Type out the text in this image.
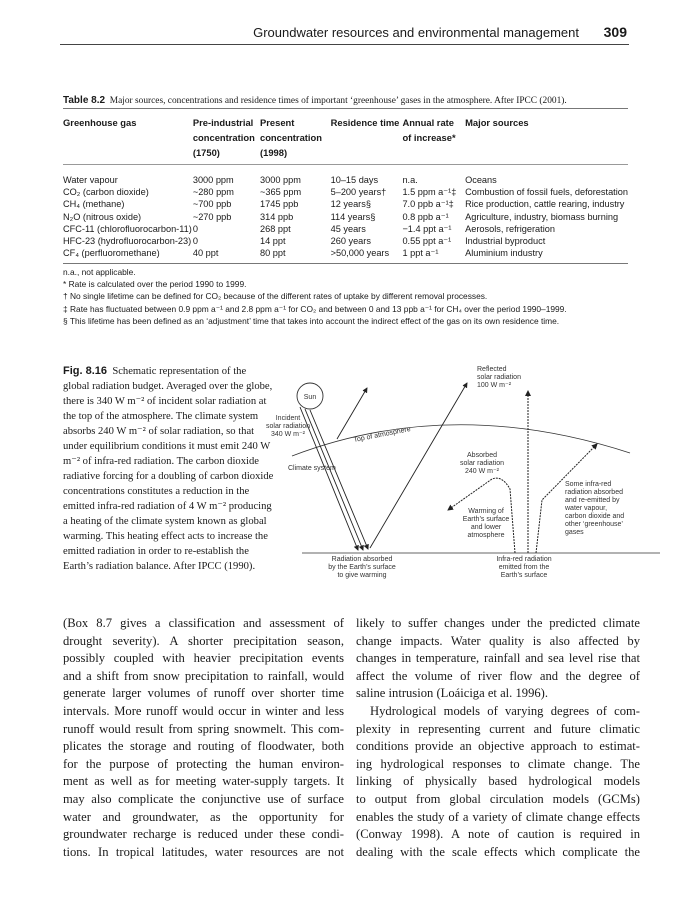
Groundwater resources and environmental management 309
Table 8.2 Major sources, concentrations and residence times of important ‘greenhouse’ gases in the atmosphere. After IPCC (2001).
Greenhouse gas	Pre-industrial concentration (1750)	Present concentration (1998)	Residence time	Annual rate of increase*	Major sources
Water vapour	3000 ppm	3000 ppm	10–15 days	n.a.	Oceans
CO₂ (carbon dioxide)	~280 ppm	~365 ppm	5–200 years†	1.5 ppm a⁻¹‡	Combustion of fossil fuels, deforestation
CH₄ (methane)	~700 ppb	1745 ppb	12 years§	7.0 ppb a⁻¹‡	Rice production, cattle rearing, industry
N₂O (nitrous oxide)	~270 ppb	314 ppb	114 years§	0.8 ppb a⁻¹	Agriculture, industry, biomass burning
CFC-11 (chlorofluorocarbon-11)	0	268 ppt	45 years	−1.4 ppt a⁻¹	Aerosols, refrigeration
HFC-23 (hydrofluorocarbon-23)	0	14 ppt	260 years	0.55 ppt a⁻¹	Industrial byproduct
CF₄ (perfluoromethane)	40 ppt	80 ppt	>50,000 years	1 ppt a⁻¹	Aluminium industry
n.a., not applicable.
* Rate is calculated over the period 1990 to 1999.
† No single lifetime can be defined for CO₂ because of the different rates of uptake by different removal processes.
‡ Rate has fluctuated between 0.9 ppm a⁻¹ and 2.8 ppm a⁻¹ for CO₂ and between 0 and 13 ppb a⁻¹ for CH₄ over the period 1990–1999.
§ This lifetime has been defined as an ‘adjustment’ time that takes into account the indirect effect of the gas on its own residence time.
Fig. 8.16 Schematic representation of the global radiation budget. Averaged over the globe, there is 340 W m⁻² of incident solar radiation at the top of the atmosphere. The climate system absorbs 240 W m⁻² of solar radiation, so that under equilibrium conditions it must emit 240 W m⁻² of infra-red radiation. The carbon dioxide radiative forcing for a doubling of carbon dioxide concentrations constitutes a reduction in the emitted infra-red radiation of 4 W m⁻² producing a heating of the climate system known as global warming. This heating effect acts to increase the emitted radiation in order to re-establish the Earth’s radiation balance. After IPCC (1990).
Sun
Incident solar radiation 340 W m⁻²	Top of atmosphere
Climate system
Reflected solar radiation 100 W m⁻²
Absorbed solar radiation 240 W m⁻²
Warming of Earth’s surface and lower atmosphere
Some infra-red radiation absorbed and re-emitted by water vapour, carbon dioxide and other ‘greenhouse’ gases
Radiation absorbed by the Earth’s surface to give warming
Infra-red radiation emitted from the Earth’s surface
(Box 8.7 gives a classification and assessment of
drought severity). A shorter precipitation season,
possibly coupled with heavier precipitation events
and a shift from snow precipitation to rainfall, would
generate larger volumes of runoff over shorter time
intervals. More runoff would occur in winter and less
runoff would result from spring snowmelt. This com-
plicates the storage and routing of floodwater, both
for the purpose of protecting the human environ-
ment as well as for meeting water-supply targets. It
may also complicate the conjunctive use of surface
water and groundwater, as the opportunity for
groundwater recharge is reduced under these condi-
tions. In tropical latitudes, water resources are not
likely to suffer changes under the predicted climate
change impacts. Water quality is also affected by
changes in temperature, rainfall and sea level rise that
affect the volume of river flow and the degree of
saline intrusion (Loáiciga et al. 1996).
Hydrological models of varying degrees of com-
plexity in representing current and future climatic
conditions provide an objective approach to estimat-
ing hydrological responses to climate change. The
linking of physically based hydrological models
to output from global circulation models (GCMs)
enables the study of a variety of climate change effects
(Conway 1998). A note of caution is required in
dealing with the scale effects which complicate the
